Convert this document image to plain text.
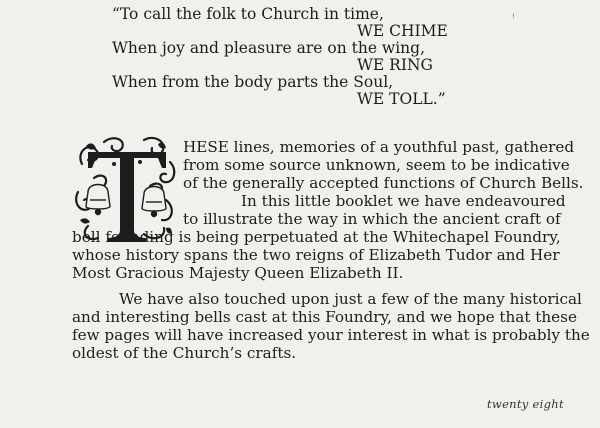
ꜝ
“To call the folk to Church in time,
WE CHIME
When joy and pleasure are on the wing,
WE RING
When from the body parts the Soul,
WE TOLL.”
HESE lines, memories of a youthful past, gathered
from some source unknown, seem to be indicative
of the generally accepted functions of Church Bells.
In this little booklet we have endeavoured
to illustrate the way in which the ancient craft of
bell founding is being perpetuated at the Whitechapel Foundry,
whose history spans the two reigns of Elizabeth Tudor and Her
Most Gracious Majesty Queen Elizabeth II.
We have also touched upon just a few of the many historical
and interesting bells cast at this Foundry, and we hope that these
few pages will have increased your interest in what is probably the
oldest of the Church’s crafts.
twenty eight
